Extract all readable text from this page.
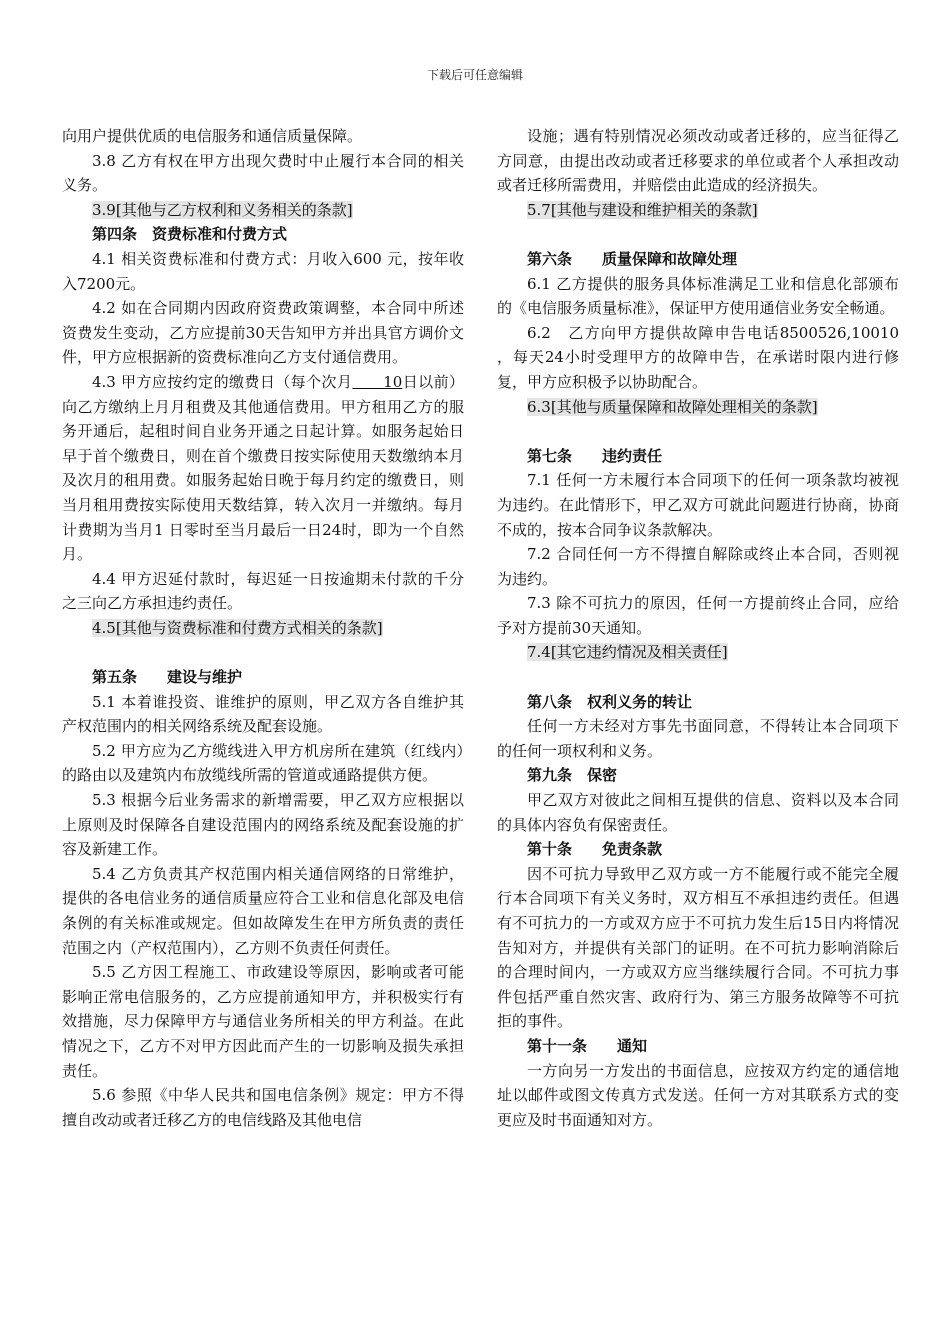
下载后可任意编辑

向用户提供优质的电信服务和通信质量保障。

3.8 乙方有权在甲方出现欠费时中止履行本合同的相关义务。

3.9[其他与乙方权利和义务相关的条款]

第四条　资费标准和付费方式

4.1 相关资费标准和付费方式：月收入600 元，按年收入7200元。

4.2 如在合同期内因政府资费政策调整，本合同中所述资费发生变动，乙方应提前30天告知甲方并出具官方调价文件，甲方应根据新的资费标准向乙方支付通信费用。

4.3 甲方应按约定的缴费日（每个次月　　10日以前）向乙方缴纳上月月租费及其他通信费用。甲方租用乙方的服务开通后，起租时间自业务开通之日起计算。如服务起始日早于首个缴费日，则在首个缴费日按实际使用天数缴纳本月及次月的租用费。如服务起始日晚于每月约定的缴费日，则当月租用费按实际使用天数结算，转入次月一并缴纳。每月计费期为当月1 日零时至当月最后一日24时，即为一个自然月。

4.4 甲方迟延付款时，每迟延一日按逾期未付款的千分之三向乙方承担违约责任。

4.5[其他与资费标准和付费方式相关的条款]

第五条　　建设与维护

5.1 本着谁投资、谁维护的原则，甲乙双方各自维护其产权范围内的相关网络系统及配套设施。

5.2 甲方应为乙方缆线进入甲方机房所在建筑（红线内）的路由以及建筑内布放缆线所需的管道或通路提供方便。

5.3 根据今后业务需求的新增需要，甲乙双方应根据以上原则及时保障各自建设范围内的网络系统及配套设施的扩容及新建工作。

5.4 乙方负责其产权范围内相关通信网络的日常维护，提供的各电信业务的通信质量应符合工业和信息化部及电信条例的有关标准或规定。但如故障发生在甲方所负责的责任范围之内（产权范围内），乙方则不负责任何责任。

5.5 乙方因工程施工、市政建设等原因，影响或者可能影响正常电信服务的，乙方应提前通知甲方，并积极实行有效措施，尽力保障甲方与通信业务所相关的甲方利益。在此情况之下，乙方不对甲方因此而产生的一切影响及损失承担责任。

5.6 参照《中华人民共和国电信条例》规定：甲方不得擅自改动或者迁移乙方的电信线路及其他电信

设施；遇有特别情况必须改动或者迁移的，应当征得乙方同意，由提出改动或者迁移要求的单位或者个人承担改动或者迁移所需费用，并赔偿由此造成的经济损失。

5.7[其他与建设和维护相关的条款]

第六条　　质量保障和故障处理

6.1 乙方提供的服务具体标准满足工业和信息化部颁布的《电信服务质量标准》，保证甲方使用通信业务安全畅通。

6.2　乙方向甲方提供故障申告电话8500526,10010 ，每天24小时受理甲方的故障申告，在承诺时限内进行修复，甲方应积极予以协助配合。

6.3[其他与质量保障和故障处理相关的条款]

第七条　　违约责任

7.1 任何一方未履行本合同项下的任何一项条款均被视为违约。在此情形下，甲乙双方可就此问题进行协商，协商不成的，按本合同争议条款解决。

7.2 合同任何一方不得擅自解除或终止本合同，否则视为违约。

7.3 除不可抗力的原因，任何一方提前终止合同，应给予对方提前30天通知。

7.4[其它违约情况及相关责任]

第八条　权利义务的转让

任何一方未经对方事先书面同意，不得转让本合同项下的任何一项权利和义务。

第九条　保密

甲乙双方对彼此之间相互提供的信息、资料以及本合同的具体内容负有保密责任。

第十条　　免责条款

因不可抗力导致甲乙双方或一方不能履行或不能完全履行本合同项下有关义务时，双方相互不承担违约责任。但遇有不可抗力的一方或双方应于不可抗力发生后15日内将情况告知对方，并提供有关部门的证明。在不可抗力影响消除后的合理时间内，一方或双方应当继续履行合同。不可抗力事件包括严重自然灾害、政府行为、第三方服务故障等不可抗拒的事件。

第十一条　　通知

一方向另一方发出的书面信息，应按双方约定的通信地址以邮件或图文传真方式发送。任何一方对其联系方式的变更应及时书面通知对方。
